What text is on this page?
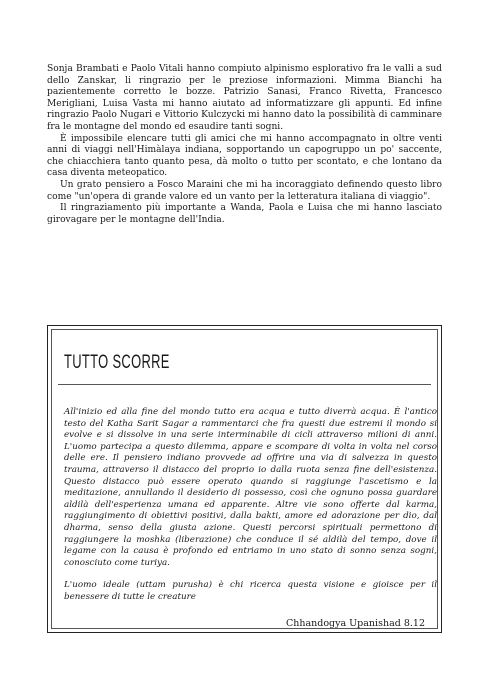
Sonja Brambati e Paolo Vitali hanno compiuto alpinismo esplorativo fra le valli a sud dello Zanskar, li ringrazio per le preziose informazioni. Mimma Bianchi ha pazientemente corretto le bozze. Patrizio Sanasi, Franco Rivetta, Francesco Merigliani, Luisa Vasta mi hanno aiutato ad informatizzare gli appunti. Ed infine ringrazio Paolo Nugari e Vittorio Kulczycki mi hanno dato la possibilità di camminare fra le montagne del mondo ed esaudire tanti sogni.

È impossibile elencare tutti gli amici che mi hanno accompagnato in oltre venti anni di viaggi nell'Himàlaya indiana, sopportando un capogruppo un po' saccente, che chiacchiera tanto quanto pesa, dà molto o tutto per scontato, e che lontano da casa diventa meteopatico.

Un grato pensiero a Fosco Maraini che mi ha incoraggiato definendo questo libro come "un'opera di grande valore ed un vanto per la letteratura italiana di viaggio".

Il ringraziamento più importante a Wanda, Paola e Luisa che mi hanno lasciato girovagare per le montagne dell'India.

TUTTO SCORRE

All'inizio ed alla fine del mondo tutto era acqua e tutto diverrà acqua. È l'antico testo del Katha Sarit Sagar a rammentarci che fra questi due estremi il mondo si evolve e si dissolve in una serie interminabile di cicli attraverso milioni di anni. L'uomo partecipa a questo dilemma, appare e scompare di volta in volta nel corso delle ere. Il pensiero indiano provvede ad offrire una via di salvezza in questo trauma, attraverso il distacco del proprio io dalla ruota senza fine dell'esistenza. Questo distacco può essere operato quando si raggiunge l'ascetismo e la meditazione, annullando il desiderio di possesso, così che ognuno possa guardare aldilà dell'esperienza umana ed apparente. Altre vie sono offerte dal karma, raggiungimento di obiettivi positivi, dalla bakti, amore ed adorazione per dio, dal dharma, senso della giusta azione. Questi percorsi spirituali permettono di raggiungere la moshka (liberazione) che conduce il sé aldilà del tempo, dove il legame con la causa è profondo ed entriamo in uno stato di sonno senza sogni, conosciuto come turiya.

L'uomo ideale (uttam purusha) è chi ricerca questa visione e gioisce per il benessere di tutte le creature

Chhandogya Upanishad 8.12
